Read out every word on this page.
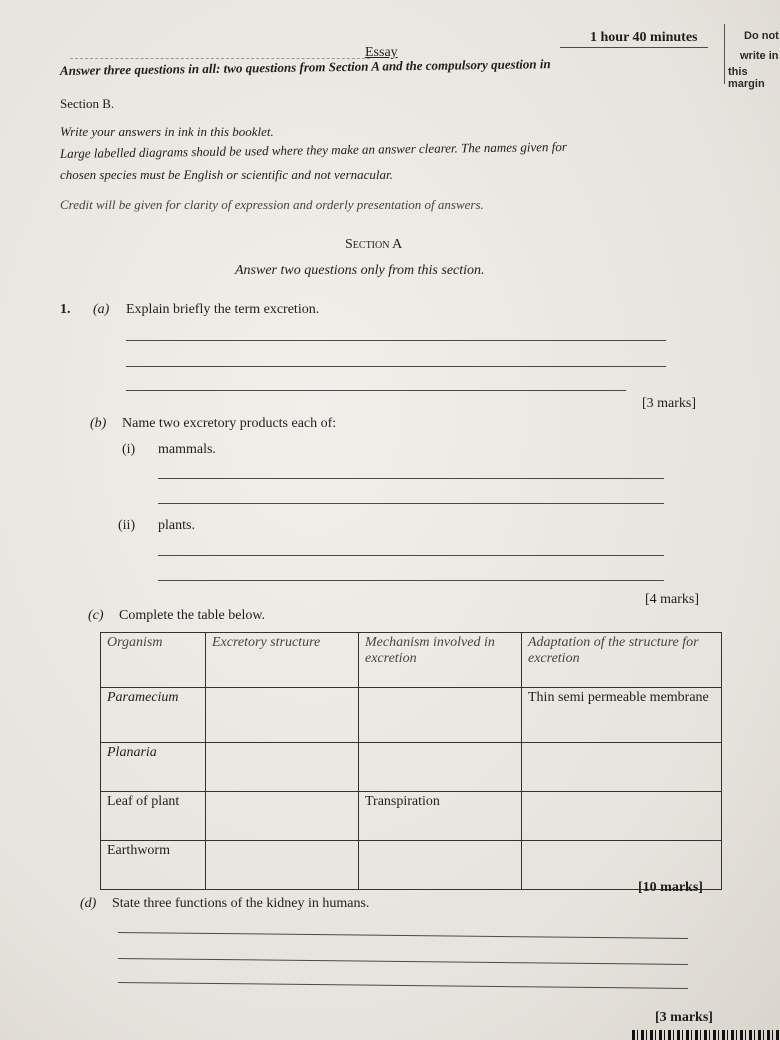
1 hour 40 minutes
Essay
Do not
write in
this margin
Answer three questions in all: two questions from Section A and the compulsory question in
Section B.
Write your answers in ink in this booklet.
Large labelled diagrams should be used where they make an answer clearer. The names given for
chosen species must be English or scientific and not vernacular.
Credit will be given for clarity of expression and orderly presentation of answers.
Section A
Answer two questions only from this section.
1. (a) Explain briefly the term excretion.
[3 marks]
(b) Name two excretory products each of:
(i) mammals.
(ii) plants.
[4 marks]
(c) Complete the table below.
Organism	Excretory structure	Mechanism involved in excretion	Adaptation of the structure for excretion
Paramecium			Thin semi permeable membrane
Planaria			
Leaf of plant		Transpiration	
Earthworm			
[10 marks]
(d) State three functions of the kidney in humans.
[3 marks]
